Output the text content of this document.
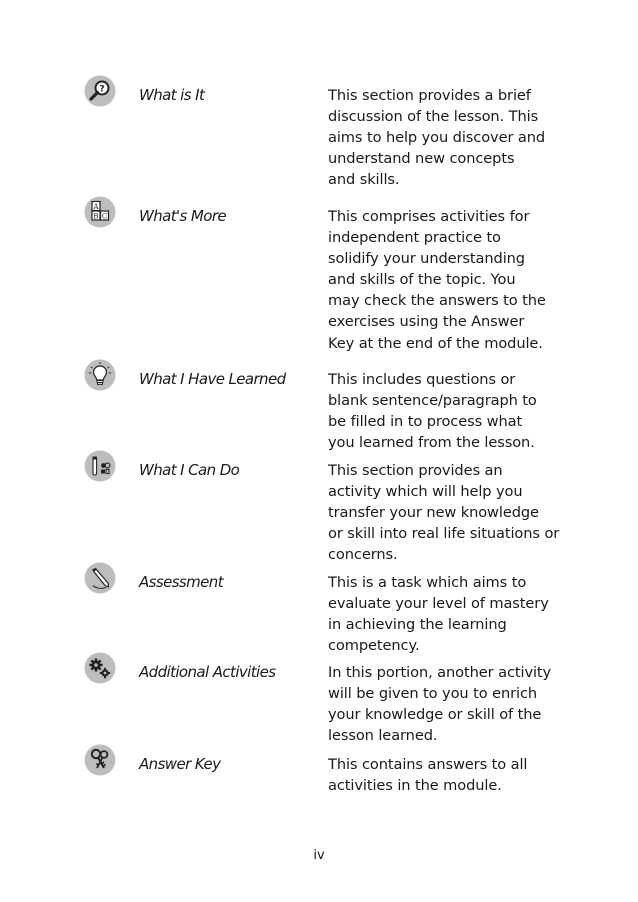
? What is It	This section provides a brief
discussion of the lesson. This
aims to help you discover and
understand new concepts
and skills.
A
B C What's More	This comprises activities for
independent practice to
solidify your understanding
and skills of the topic. You
may check the answers to the
exercises using the Answer
Key at the end of the module.
What I Have Learned	This includes questions or
blank sentence/paragraph to
be filled in to process what
you learned from the lesson.
What I Can Do	This section provides an
activity which will help you
transfer your new knowledge
or skill into real life situations or
concerns.
Assessment	This is a task which aims to
evaluate your level of mastery
in achieving the learning
competency.
Additional Activities	In this portion, another activity
will be given to you to enrich
your knowledge or skill of the
lesson learned.
Answer Key	This contains answers to all
activities in the module.
iv
